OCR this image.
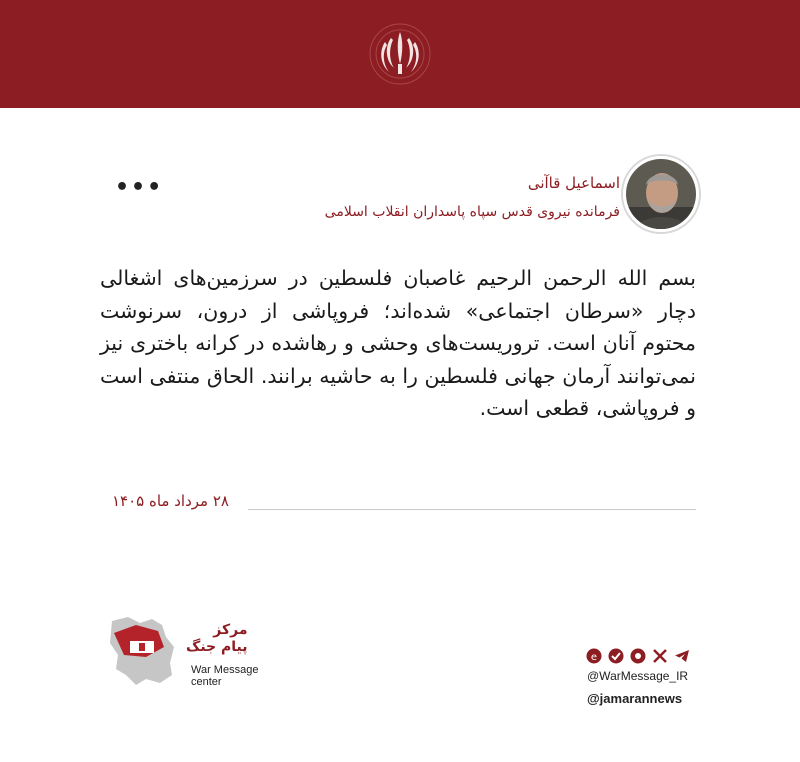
اسماعیل قاآنی
فرمانده نیروی قدس سپاه پاسداران انقلاب اسلامی
•••
بسم الله الرحمن الرحیم غاصبان فلسطین در سرزمین‌های اشغالی دچار «سرطان اجتماعی» شده‌اند؛ فروپاشی از درون، سرنوشت محتوم آنان است. تروریست‌های وحشی و رهاشده در کرانه باختری نیز نمی‌توانند آرمان جهانی فلسطین را به حاشیه برانند. الحاق منتفی است و فروپاشی، قطعی است.
۲۸ مرداد ماه ۱۴۰۵
مرکز
پیام جنگ
War Message
center
e
@WarMessage_IR
@jamarannews
